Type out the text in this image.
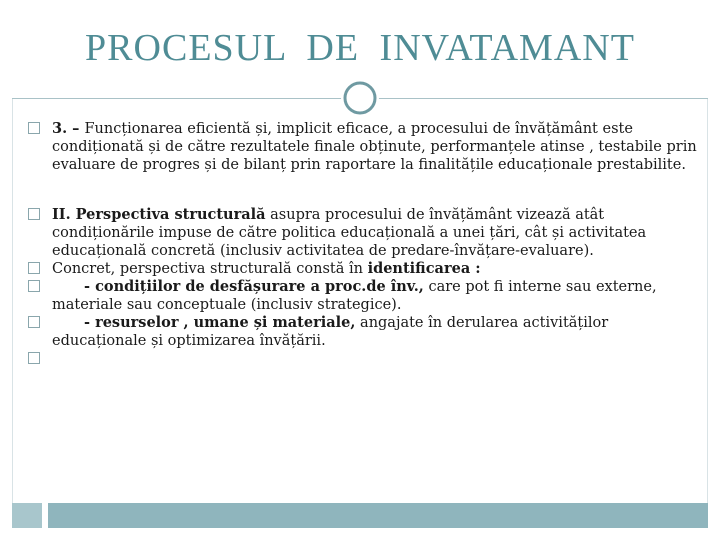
PROCESUL DE INVATAMANT
3. – Funcționarea eficientă și, implicit eficace, a procesului de învățământ este condiționată și de către rezultatele finale obținute, performanțele atinse , testabile prin evaluare de progres și de bilanț prin raportare la finalitățile educaționale prestabilite.
II. Perspectiva structurală asupra procesului de învățământ vizează atât condiționările impuse de către politica educațională a unei țări, cât și activitatea educațională concretă (inclusiv activitatea de predare-învățare-evaluare).
Concret, perspectiva structurală constă în identificarea :
- condițiilor de desfășurare a proc.de înv., care pot fi interne sau externe, materiale sau conceptuale (inclusiv strategice).
- resurselor , umane și materiale, angajate în derularea activităților educaționale și optimizarea învățării.
